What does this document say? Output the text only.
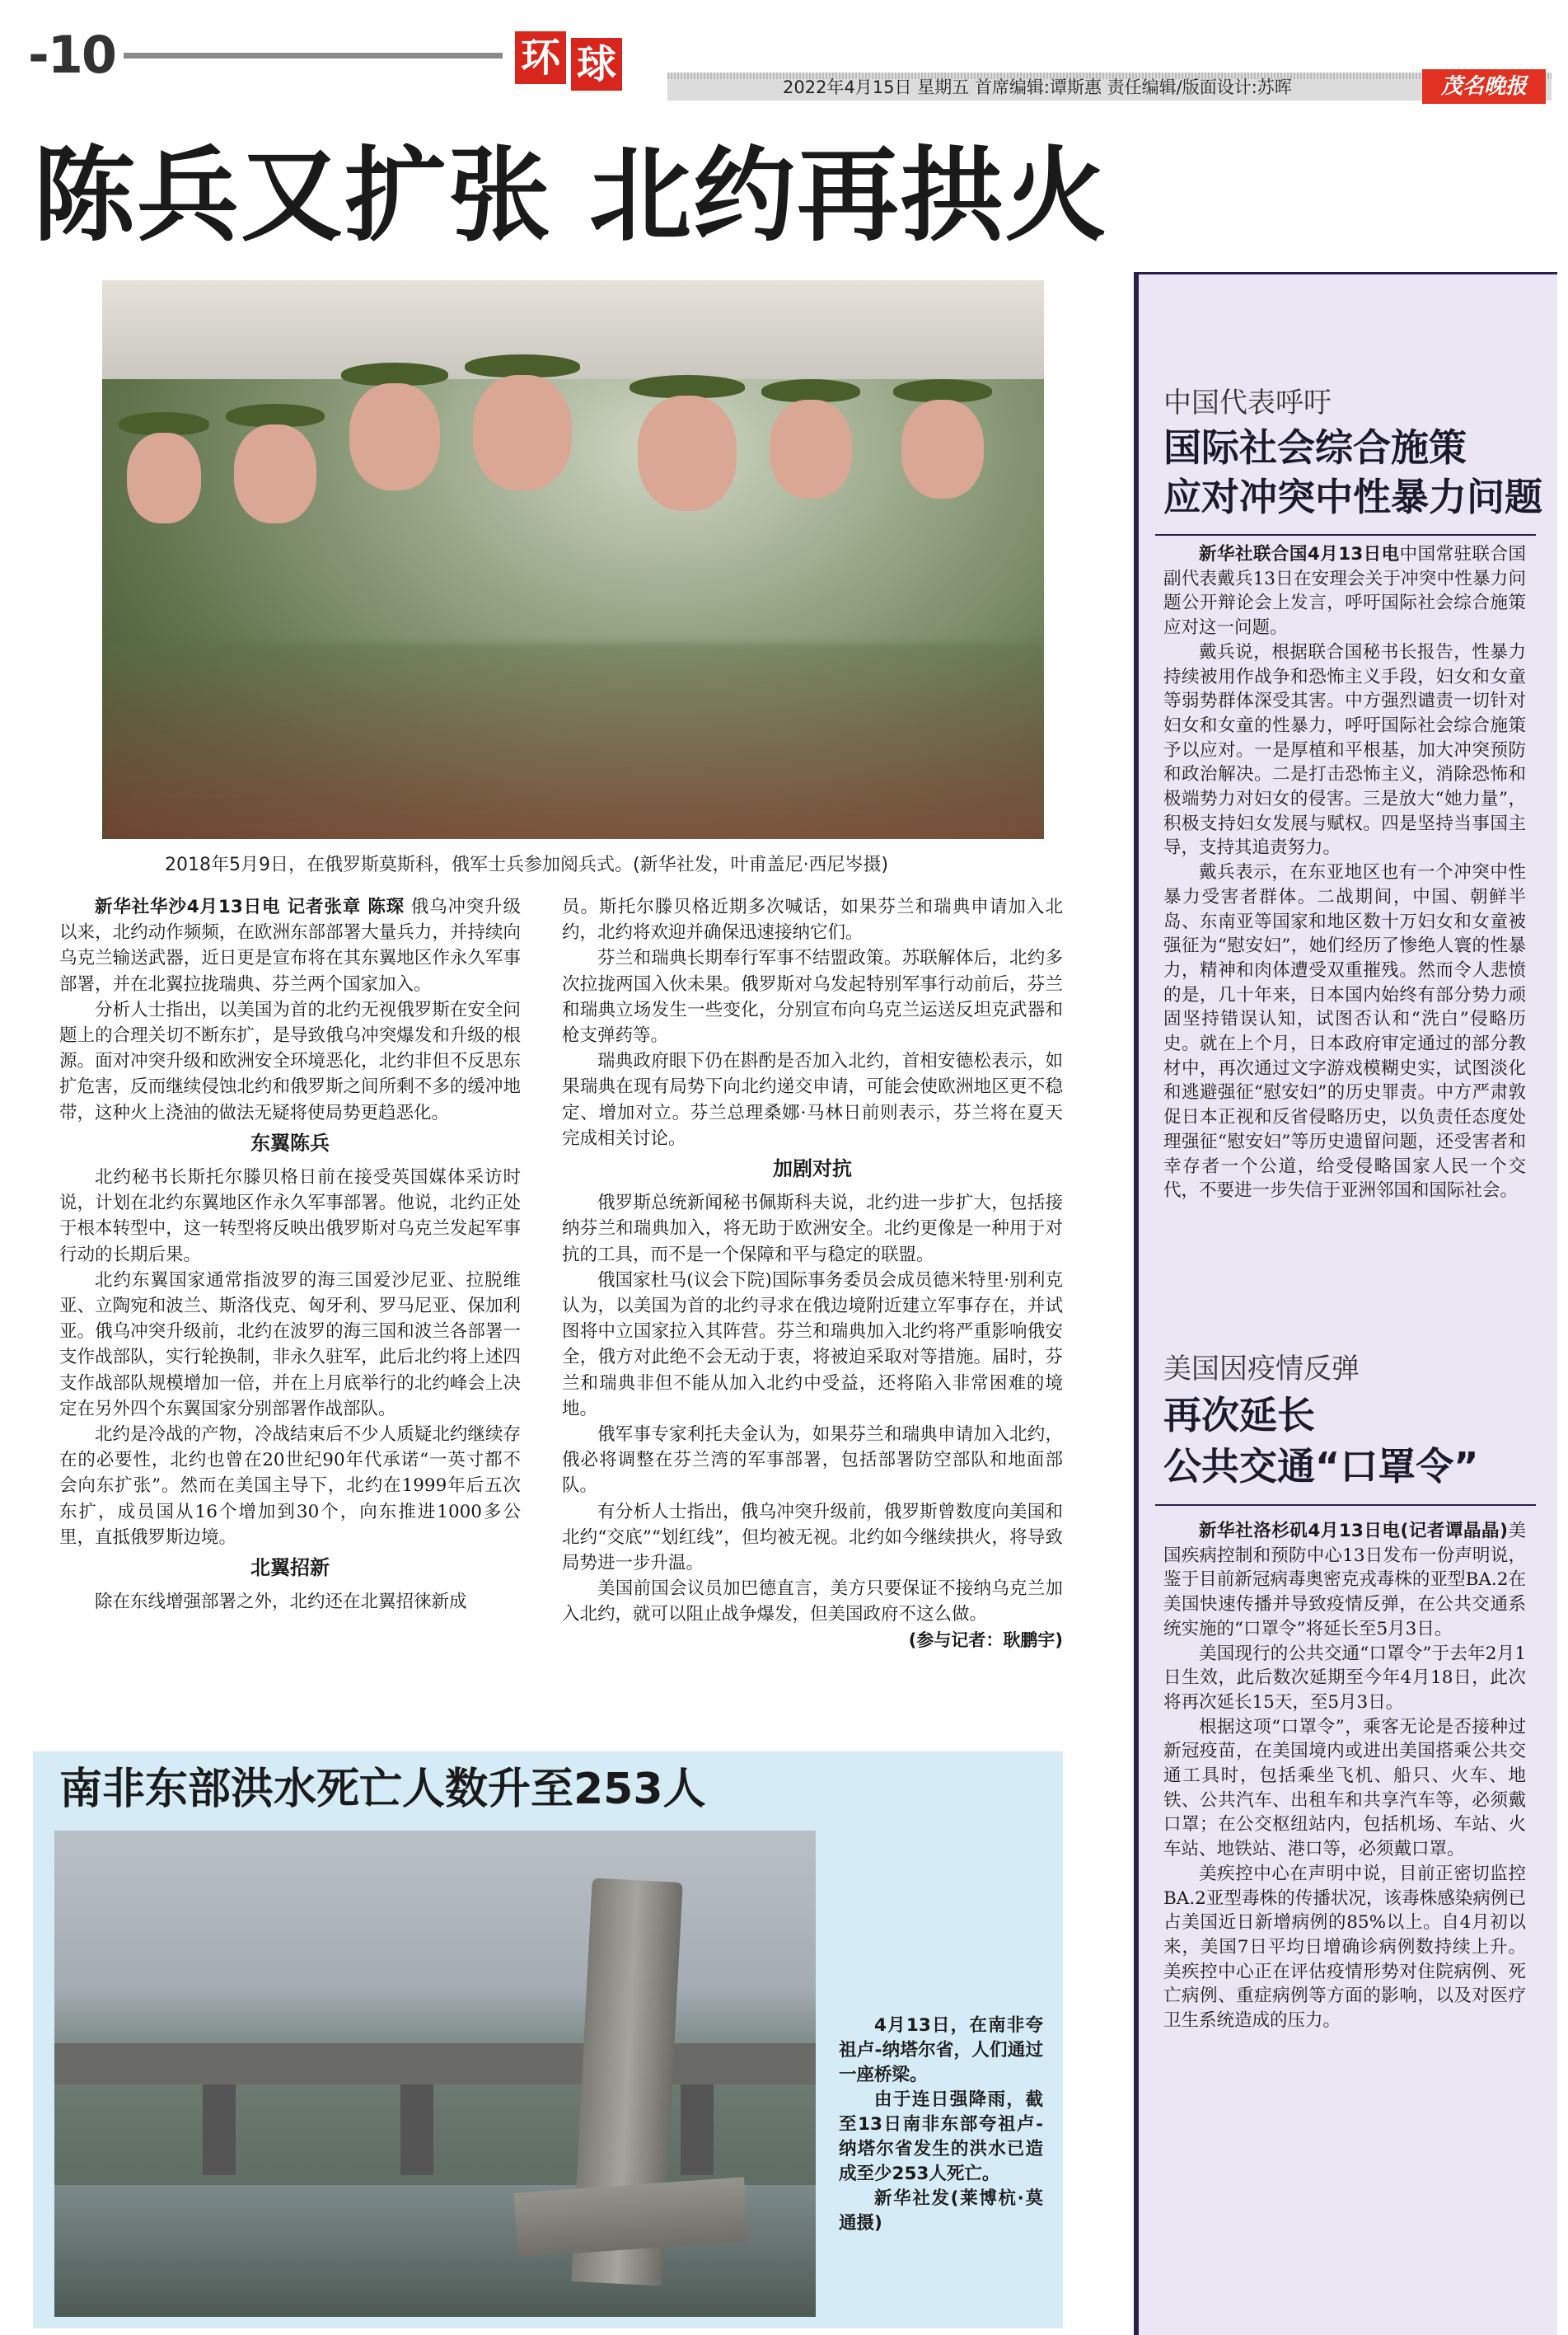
-10	环 球	2022年4月15日 星期五 首席编辑:谭斯惠 责任编辑/版面设计:苏晖	茂名晚报
陈兵又扩张 北约再拱火
2018年5月9日，在俄罗斯莫斯科，俄军士兵参加阅兵式。(新华社发，叶甫盖尼·西尼岑摄)

新华社华沙4月13日电 记者张章 陈琛 俄乌冲突升级以来，北约动作频频，在欧洲东部部署大量兵力，并持续向乌克兰输送武器，近日更是宣布将在其东翼地区作永久军事部署，并在北翼拉拢瑞典、芬兰两个国家加入。

分析人士指出，以美国为首的北约无视俄罗斯在安全问题上的合理关切不断东扩，是导致俄乌冲突爆发和升级的根源。面对冲突升级和欧洲安全环境恶化，北约非但不反思东扩危害，反而继续侵蚀北约和俄罗斯之间所剩不多的缓冲地带，这种火上浇油的做法无疑将使局势更趋恶化。

东翼陈兵

北约秘书长斯托尔滕贝格日前在接受英国媒体采访时说，计划在北约东翼地区作永久军事部署。他说，北约正处于根本转型中，这一转型将反映出俄罗斯对乌克兰发起军事行动的长期后果。

北约东翼国家通常指波罗的海三国爱沙尼亚、拉脱维亚、立陶宛和波兰、斯洛伐克、匈牙利、罗马尼亚、保加利亚。俄乌冲突升级前，北约在波罗的海三国和波兰各部署一支作战部队，实行轮换制，非永久驻军，此后北约将上述四支作战部队规模增加一倍，并在上月底举行的北约峰会上决定在另外四个东翼国家分别部署作战部队。

北约是冷战的产物，冷战结束后不少人质疑北约继续存在的必要性，北约也曾在20世纪90年代承诺“一英寸都不会向东扩张”。然而在美国主导下，北约在1999年后五次东扩，成员国从16个增加到30个，向东推进1000多公里，直抵俄罗斯边境。

北翼招新

除在东线增强部署之外，北约还在北翼招徕新成

员。斯托尔滕贝格近期多次喊话，如果芬兰和瑞典申请加入北约，北约将欢迎并确保迅速接纳它们。

芬兰和瑞典长期奉行军事不结盟政策。苏联解体后，北约多次拉拢两国入伙未果。俄罗斯对乌发起特别军事行动前后，芬兰和瑞典立场发生一些变化，分别宣布向乌克兰运送反坦克武器和枪支弹药等。

瑞典政府眼下仍在斟酌是否加入北约，首相安德松表示，如果瑞典在现有局势下向北约递交申请，可能会使欧洲地区更不稳定、增加对立。芬兰总理桑娜·马林日前则表示，芬兰将在夏天完成相关讨论。

加剧对抗

俄罗斯总统新闻秘书佩斯科夫说，北约进一步扩大，包括接纳芬兰和瑞典加入，将无助于欧洲安全。北约更像是一种用于对抗的工具，而不是一个保障和平与稳定的联盟。

俄国家杜马(议会下院)国际事务委员会成员德米特里·别利克认为，以美国为首的北约寻求在俄边境附近建立军事存在，并试图将中立国家拉入其阵营。芬兰和瑞典加入北约将严重影响俄安全，俄方对此绝不会无动于衷，将被迫采取对等措施。届时，芬兰和瑞典非但不能从加入北约中受益，还将陷入非常困难的境地。

俄军事专家利托夫金认为，如果芬兰和瑞典申请加入北约，俄必将调整在芬兰湾的军事部署，包括部署防空部队和地面部队。

有分析人士指出，俄乌冲突升级前，俄罗斯曾数度向美国和北约“交底”“划红线”，但均被无视。北约如今继续拱火，将导致局势进一步升温。

美国前国会议员加巴德直言，美方只要保证不接纳乌克兰加入北约，就可以阻止战争爆发，但美国政府不这么做。

(参与记者：耿鹏宇)
中国代表呼吁
国际社会综合施策
应对冲突中性暴力问题

新华社联合国4月13日电中国常驻联合国副代表戴兵13日在安理会关于冲突中性暴力问题公开辩论会上发言，呼吁国际社会综合施策应对这一问题。

戴兵说，根据联合国秘书长报告，性暴力持续被用作战争和恐怖主义手段，妇女和女童等弱势群体深受其害。中方强烈谴责一切针对妇女和女童的性暴力，呼吁国际社会综合施策予以应对。一是厚植和平根基，加大冲突预防和政治解决。二是打击恐怖主义，消除恐怖和极端势力对妇女的侵害。三是放大“她力量”，积极支持妇女发展与赋权。四是坚持当事国主导，支持其追责努力。

戴兵表示，在东亚地区也有一个冲突中性暴力受害者群体。二战期间，中国、朝鲜半岛、东南亚等国家和地区数十万妇女和女童被强征为“慰安妇”，她们经历了惨绝人寰的性暴力，精神和肉体遭受双重摧残。然而令人悲愤的是，几十年来，日本国内始终有部分势力顽固坚持错误认知，试图否认和“洗白”侵略历史。就在上个月，日本政府审定通过的部分教材中，再次通过文字游戏模糊史实，试图淡化和逃避强征“慰安妇”的历史罪责。中方严肃敦促日本正视和反省侵略历史，以负责任态度处理强征“慰安妇”等历史遗留问题，还受害者和幸存者一个公道，给受侵略国家人民一个交代，不要进一步失信于亚洲邻国和国际社会。

美国因疫情反弹
再次延长
公共交通“口罩令”

新华社洛杉矶4月13日电(记者谭晶晶)美国疾病控制和预防中心13日发布一份声明说，鉴于目前新冠病毒奥密克戎毒株的亚型BA.2在美国快速传播并导致疫情反弹，在公共交通系统实施的“口罩令”将延长至5月3日。

美国现行的公共交通“口罩令”于去年2月1日生效，此后数次延期至今年4月18日，此次将再次延长15天，至5月3日。

根据这项“口罩令”，乘客无论是否接种过新冠疫苗，在美国境内或进出美国搭乘公共交通工具时，包括乘坐飞机、船只、火车、地铁、公共汽车、出租车和共享汽车等，必须戴口罩；在公交枢纽站内，包括机场、车站、火车站、地铁站、港口等，必须戴口罩。

美疾控中心在声明中说，目前正密切监控BA.2亚型毒株的传播状况，该毒株感染病例已占美国近日新增病例的85%以上。自4月初以来，美国7日平均日增确诊病例数持续上升。美疾控中心正在评估疫情形势对住院病例、死亡病例、重症病例等方面的影响，以及对医疗卫生系统造成的压力。

南非东部洪水死亡人数升至253人

4月13日，在南非夸祖卢-纳塔尔省，人们通过一座桥梁。

由于连日强降雨，截至13日南非东部夸祖卢-纳塔尔省发生的洪水已造成至少253人死亡。

新华社发(莱博杭·莫通摄)
